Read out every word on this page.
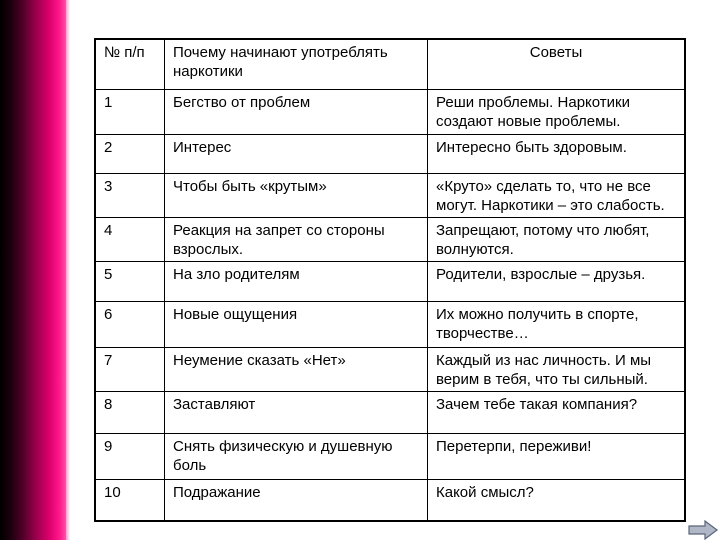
№ п/п	Почему начинают употреблять наркотики	Советы
1	Бегство от проблем	Реши проблемы. Наркотики создают новые проблемы.
2	Интерес	Интересно быть здоровым.
3	Чтобы быть «крутым»	«Круто» сделать то, что не все могут. Наркотики – это слабость.
4	Реакция на запрет со стороны взрослых.	Запрещают, потому что любят, волнуются.
5	На зло родителям	Родители, взрослые – друзья.
6	Новые ощущения	Их можно получить в спорте, творчестве…
7	Неумение сказать «Нет»	Каждый из нас личность. И мы верим в тебя, что ты сильный.
8	Заставляют	Зачем тебе такая компания?
9	Снять физическую и душевную боль	Перетерпи, переживи!
10	Подражание	Какой смысл?
